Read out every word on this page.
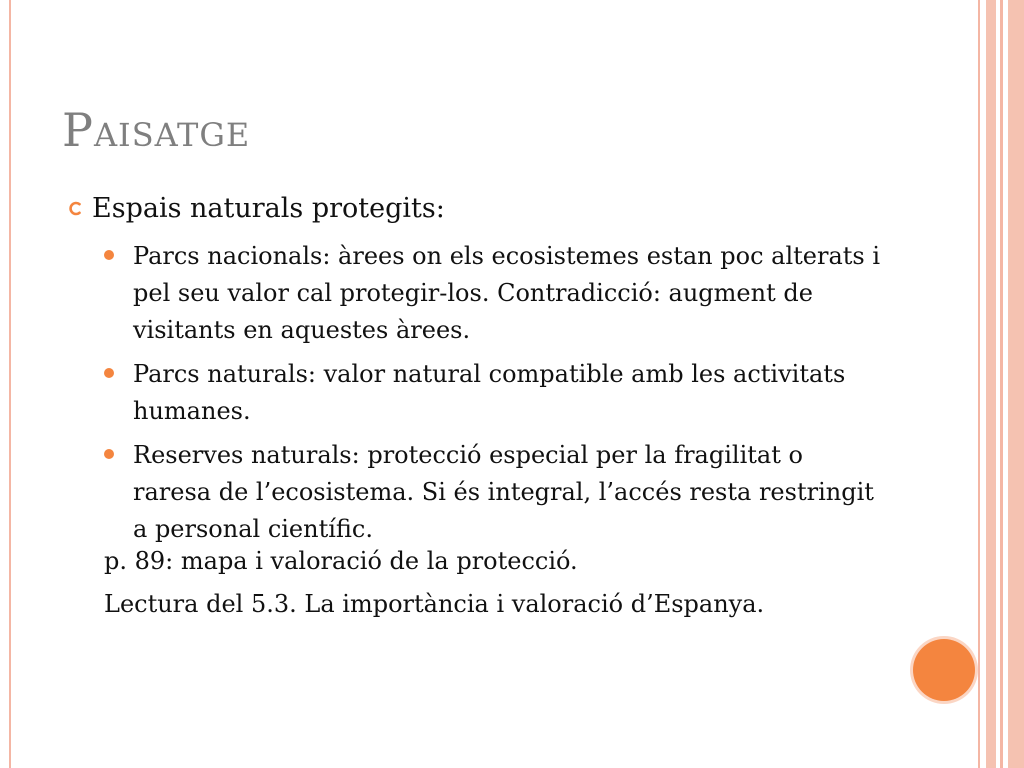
Paisatge
Espais naturals protegits:
Parcs nacionals: àrees on els ecosistemes estan poc alterats i pel seu valor cal protegir-los. Contradicció: augment de visitants en aquestes àrees.
Parcs naturals: valor natural compatible amb les activitats humanes.
Reserves naturals: protecció especial per la fragilitat o raresa de l’ecosistema. Si és integral, l’accés resta restringit a personal científic.
p. 89: mapa i valoració de la protecció.
Lectura del 5.3. La importància i valoració d’Espanya.
